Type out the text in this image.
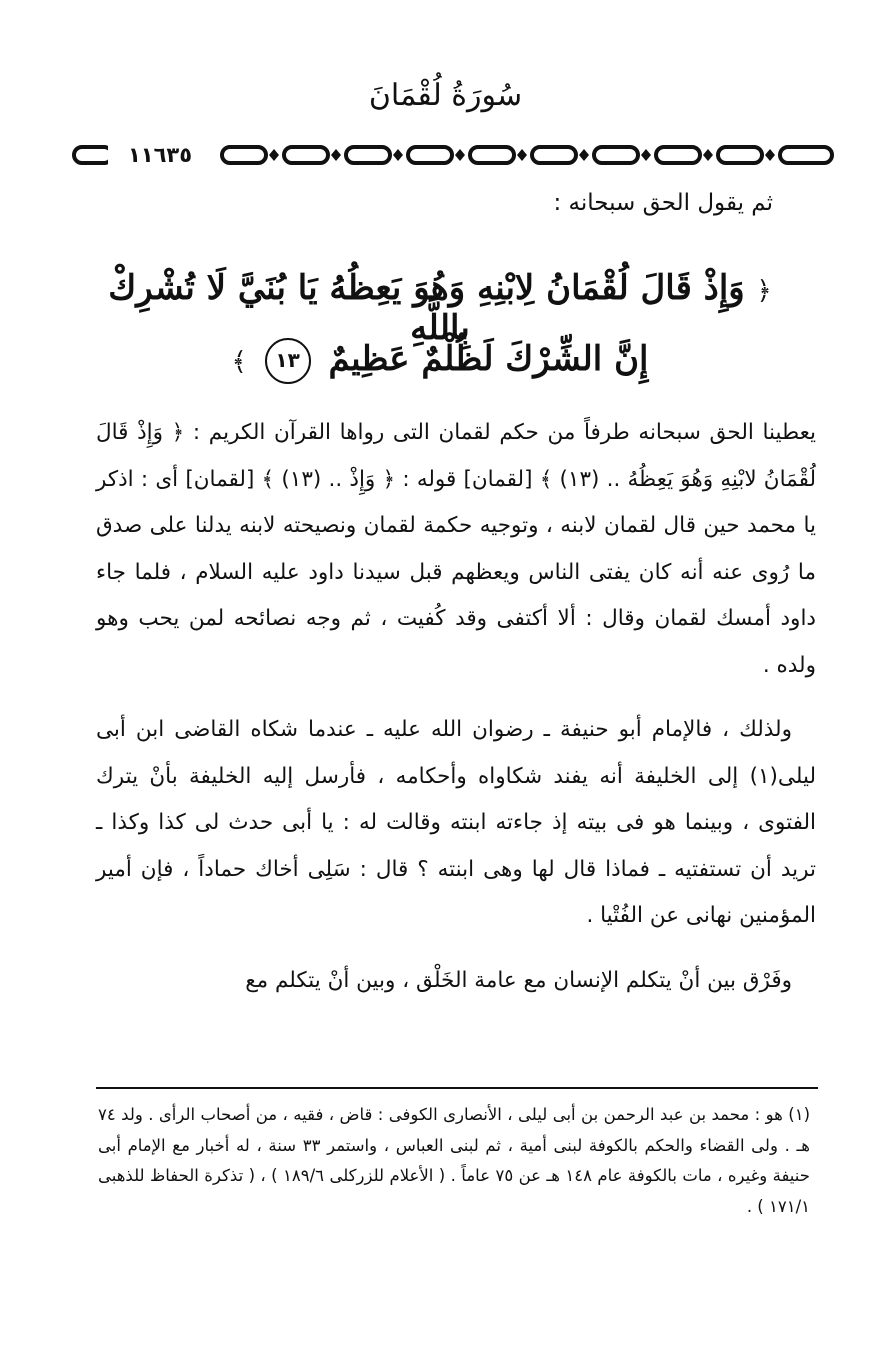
سُورَةُ لُقْمَانَ
١١٦٣٥
ثم يقول الحق سبحانه :
﴿ وَإِذْ قَالَ لُقْمَانُ لِابْنِهِ وَهُوَ يَعِظُهُ يَا بُنَيَّ لَا تُشْرِكْ بِاللَّهِ
إِنَّ الشِّرْكَ لَظُلْمٌ عَظِيمٌ ١٣ ﴾

يعطينا الحق سبحانه طرفاً من حكم لقمان التى رواها القرآن الكريم : ﴿ وَإِذْ قَالَ لُقْمَانُ لابْنِهِ وَهُوَ يَعِظُهُ .. (١٣) ﴾ [لقمان] قوله : ﴿ وَإِذْ .. (١٣) ﴾ [لقمان] أى : اذكر يا محمد حين قال لقمان لابنه ، وتوجيه حكمة لقمان ونصيحته لابنه يدلنا على صدق ما رُوى عنه أنه كان يفتى الناس ويعظهم قبل سيدنا داود عليه السلام ، فلما جاء داود أمسك لقمان وقال : ألا أكتفى وقد كُفيت ، ثم وجه نصائحه لمن يحب وهو ولده .

ولذلك ، فالإمام أبو حنيفة ـ رضوان الله عليه ـ عندما شكاه القاضى ابن أبى ليلى(١) إلى الخليفة أنه يفند شكاواه وأحكامه ، فأرسل إليه الخليفة بأنْ يترك الفتوى ، وبينما هو فى بيته إذ جاءته ابنته وقالت له : يا أبى حدث لى كذا وكذا ـ تريد أن تستفتيه ـ فماذا قال لها وهى ابنته ؟ قال : سَلِى أخاك حماداً ، فإن أمير المؤمنين نهانى عن الفُتْيا .

وفَرْق بين أنْ يتكلم الإنسان مع عامة الخَلْق ، وبين أنْ يتكلم مع

(١) هو : محمد بن عبد الرحمن بن أبى ليلى ، الأنصارى الكوفى : قاض ، فقيه ، من أصحاب الرأى . ولد ٧٤ هـ . ولى القضاء والحكم بالكوفة لبنى أمية ، ثم لبنى العباس ، واستمر ٣٣ سنة ، له أخبار مع الإمام أبى حنيفة وغيره ، مات بالكوفة عام ١٤٨ هـ عن ٧٥ عاماً . ( الأعلام للزركلى ١٨٩/٦ ) ، ( تذكرة الحفاظ للذهبى ١٧١/١ ) .
